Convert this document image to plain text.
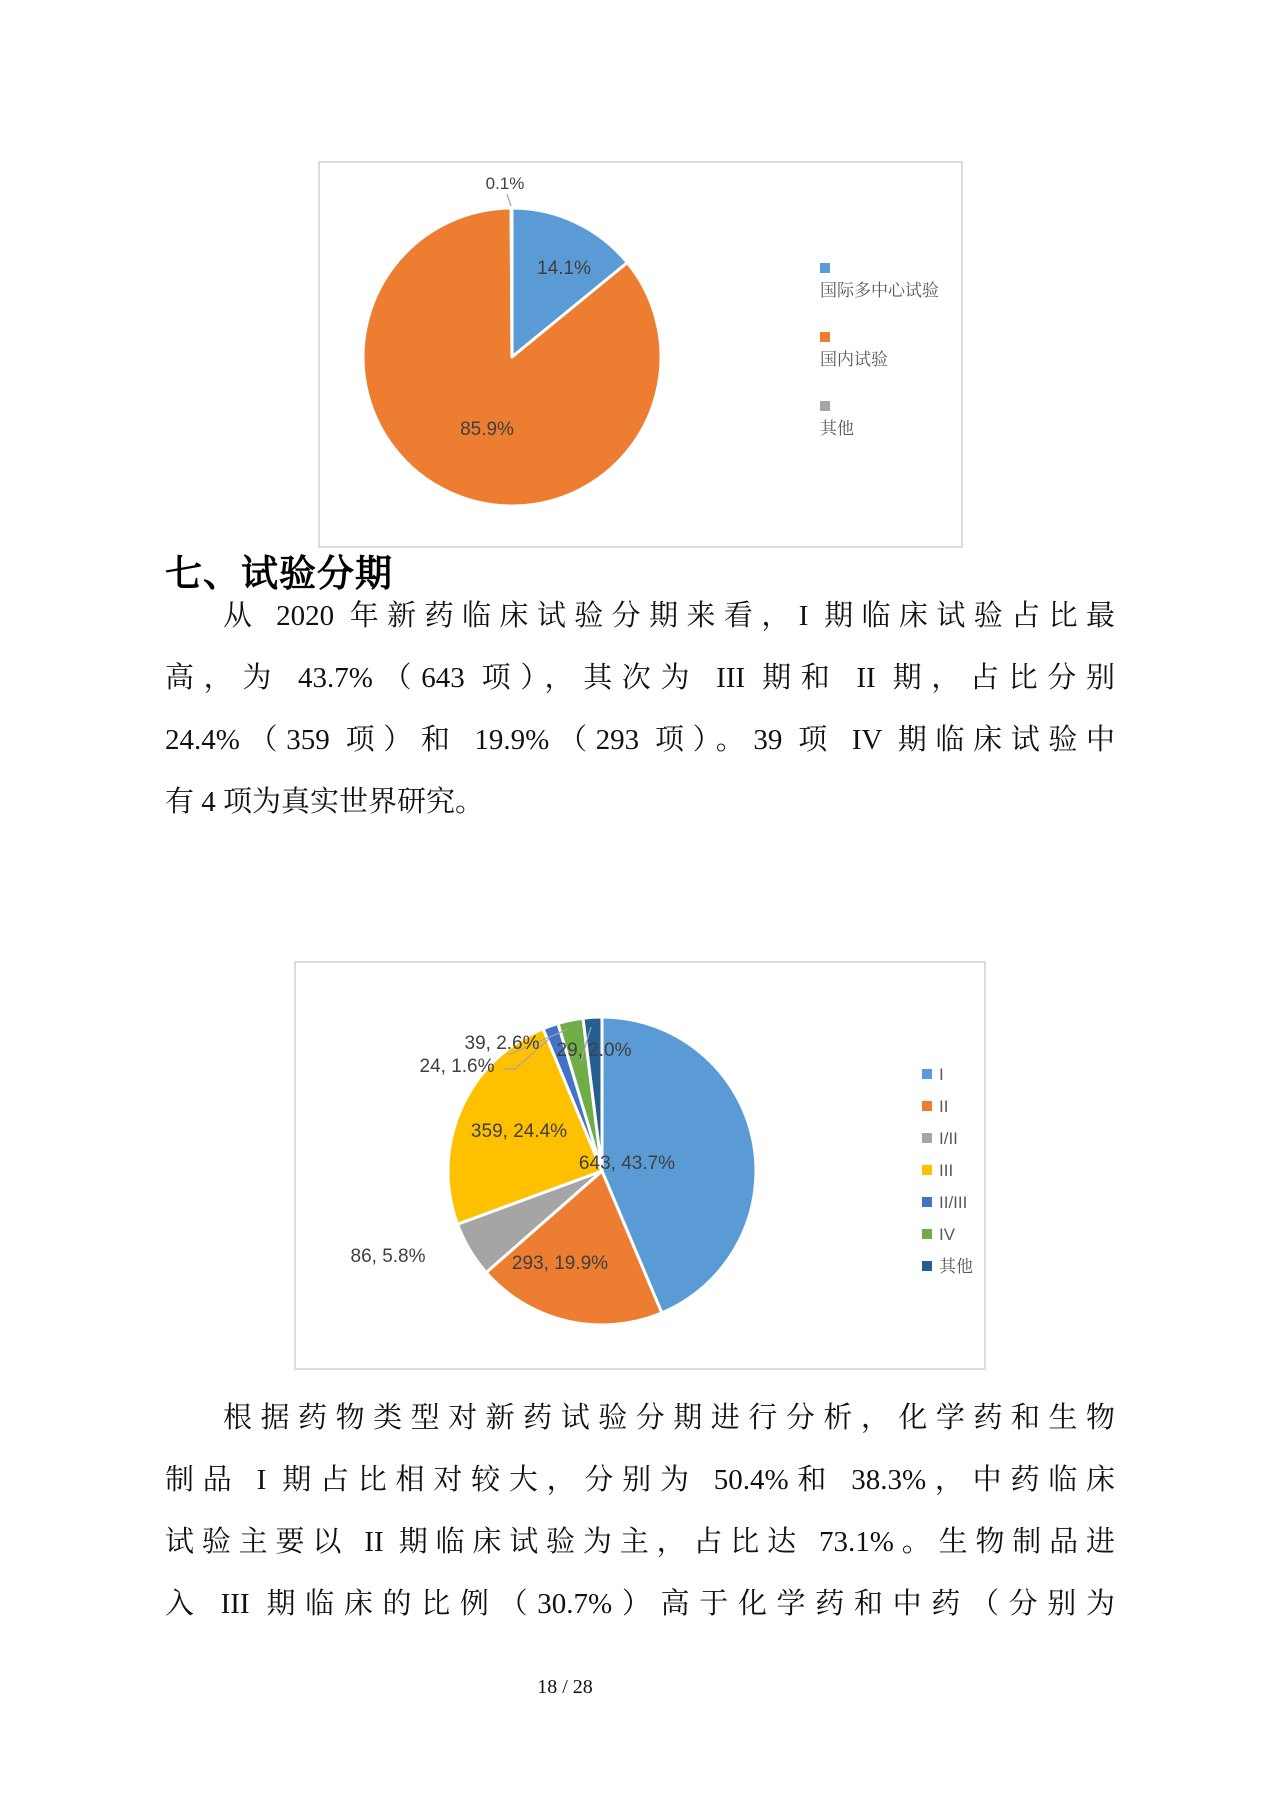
0.1%
14.1%
85.9%
国际多中心试验
国内试验
其他
七、试验分期
从 2020 年新药临床试验分期来看，I 期临床试验占比最
高，为 43.7%（643 项），其次为 III 期和 II 期，占比分别
24.4%（359 项）和 19.9%（293 项）。39 项 IV 期临床试验中
有 4 项为真实世界研究。
643, 43.7%
293, 19.9%
86, 5.8%
359, 24.4%
24, 1.6%
39, 2.6% 29, 2.0%
I
II
I/II
III
II/III
IV
其他
根据药物类型对新药试验分期进行分析，化学药和生物
制品 I 期占比相对较大，分别为 50.4%和 38.3%，中药临床
试验主要以 II 期临床试验为主，占比达 73.1%。生物制品进
入 III 期临床的比例（30.7%）高于化学药和中药（分别为
18 / 28
